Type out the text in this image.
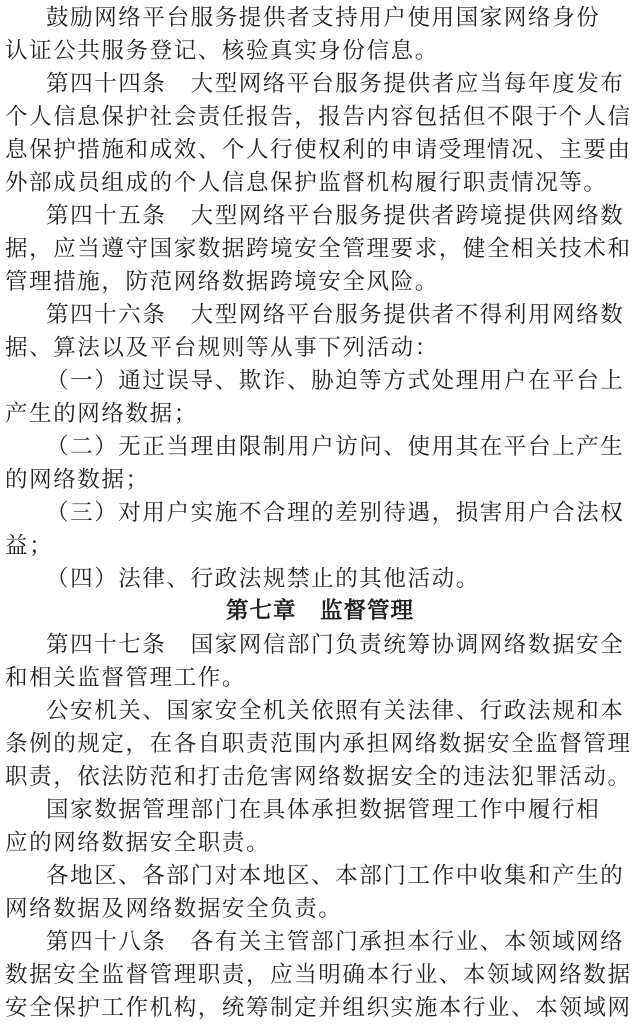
鼓励网络平台服务提供者支持用户使用国家网络身份
认证公共服务登记、核验真实身份信息。
第四十四条　大型网络平台服务提供者应当每年度发布
个人信息保护社会责任报告，报告内容包括但不限于个人信
息保护措施和成效、个人行使权利的申请受理情况、主要由
外部成员组成的个人信息保护监督机构履行职责情况等。
第四十五条　大型网络平台服务提供者跨境提供网络数
据，应当遵守国家数据跨境安全管理要求，健全相关技术和
管理措施，防范网络数据跨境安全风险。
第四十六条　大型网络平台服务提供者不得利用网络数
据、算法以及平台规则等从事下列活动：
（一）通过误导、欺诈、胁迫等方式处理用户在平台上
产生的网络数据；
（二）无正当理由限制用户访问、使用其在平台上产生
的网络数据；
（三）对用户实施不合理的差别待遇，损害用户合法权
益；
（四）法律、行政法规禁止的其他活动。
第七章　监督管理
第四十七条　国家网信部门负责统筹协调网络数据安全
和相关监督管理工作。
公安机关、国家安全机关依照有关法律、行政法规和本
条例的规定，在各自职责范围内承担网络数据安全监督管理
职责，依法防范和打击危害网络数据安全的违法犯罪活动。
国家数据管理部门在具体承担数据管理工作中履行相
应的网络数据安全职责。
各地区、各部门对本地区、本部门工作中收集和产生的
网络数据及网络数据安全负责。
第四十八条　各有关主管部门承担本行业、本领域网络
数据安全监督管理职责，应当明确本行业、本领域网络数据
安全保护工作机构，统筹制定并组织实施本行业、本领域网
